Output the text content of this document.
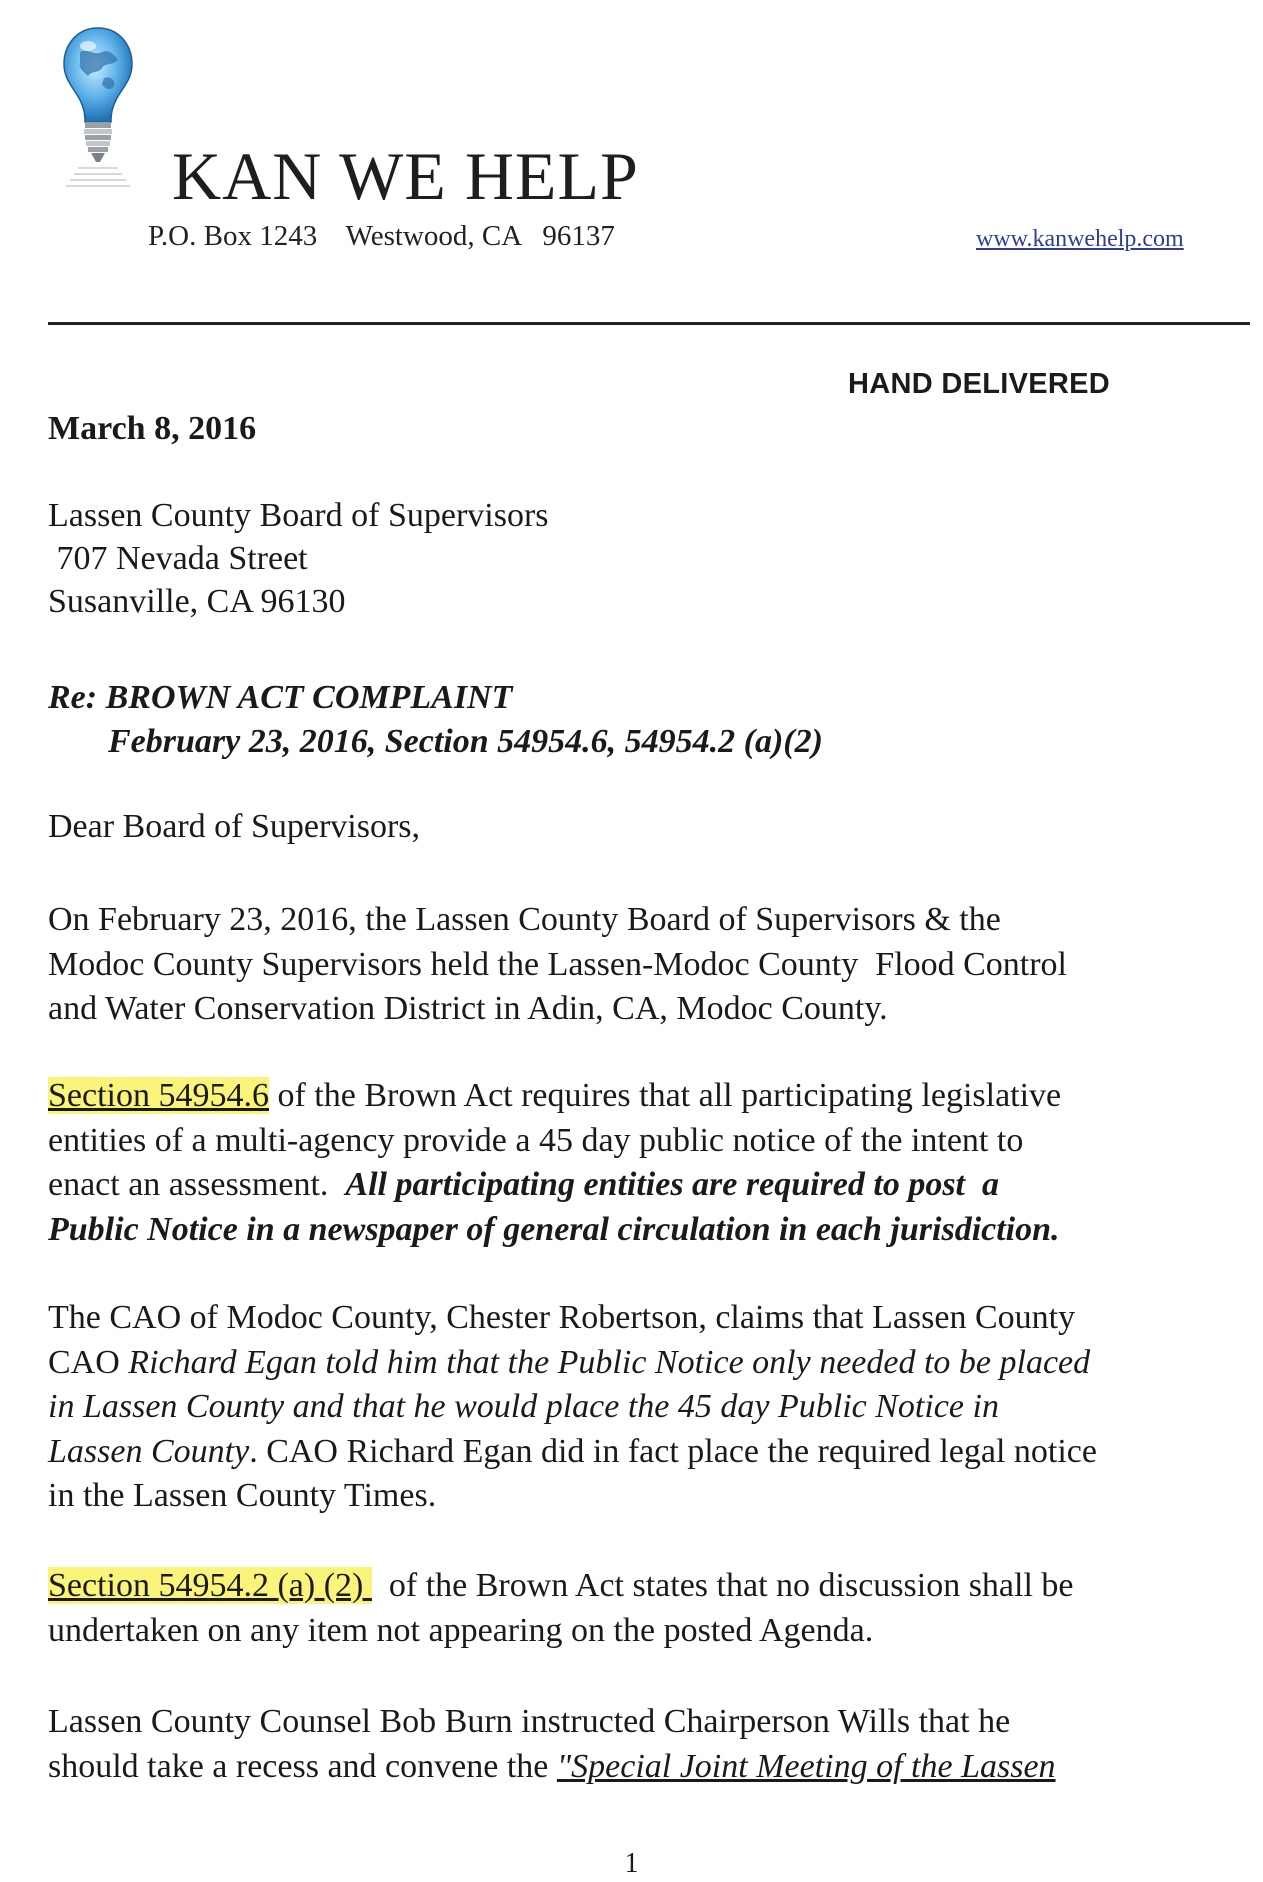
KAN WE HELP
P.O. Box 1243    Westwood, CA   96137	www.kanwehelp.com
HAND DELIVERED
March 8, 2016
Lassen County Board of Supervisors
707 Nevada Street
Susanville, CA 96130
Re: BROWN ACT COMPLAINT
February 23, 2016, Section 54954.6, 54954.2 (a)(2)
Dear Board of Supervisors,
On February 23, 2016, the Lassen County Board of Supervisors & the
Modoc County Supervisors held the Lassen-Modoc County  Flood Control
and Water Conservation District in Adin, CA, Modoc County.
Section 54954.6 of the Brown Act requires that all participating legislative
entities of a multi-agency provide a 45 day public notice of the intent to
enact an assessment.  All participating entities are required to post  a
Public Notice in a newspaper of general circulation in each jurisdiction.
The CAO of Modoc County, Chester Robertson, claims that Lassen County
CAO Richard Egan told him that the Public Notice only needed to be placed
in Lassen County and that he would place the 45 day Public Notice in
Lassen County. CAO Richard Egan did in fact place the required legal notice
in the Lassen County Times.
Section 54954.2 (a) (2)   of the Brown Act states that no discussion shall be
undertaken on any item not appearing on the posted Agenda.
Lassen County Counsel Bob Burn instructed Chairperson Wills that he
should take a recess and convene the "Special Joint Meeting of the Lassen
1
